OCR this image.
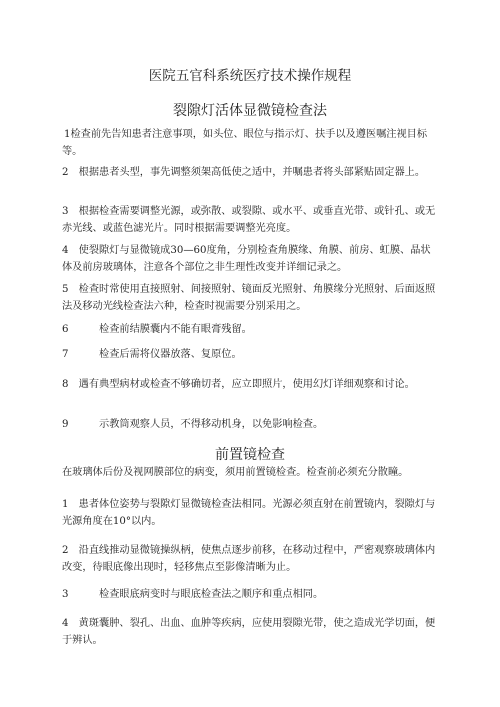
医院五官科系统医疗技术操作规程
裂隙灯活体显微镜检查法

1检查前先告知患者注意事项，如头位、眼位与指示灯、扶手以及遵医嘱注视目标等。

2　根据患者头型，事先调整须架高低使之适中，并嘱患者将头部紧贴固定器上。

3　根据检查需要调整光源，或弥散、或裂隙、或水平、或垂直光带、或针孔、或无赤光线、或蓝色滤光片。同时根据需要调整光亮度。

4　使裂隙灯与显微镜成30—60度角，分别检查角膜缘、角膜、前房、虹膜、晶状体及前房玻璃体，注意各个部位之非生理性改变并详细记录之。

5　检查时常使用直接照射、间接照射、镜面反光照射、角膜缘分光照射、后面返照法及移动光线检查法六种，检查时视需要分别采用之。

6　　　检查前结膜囊内不能有眼膏残留。

7　　　检查后需将仪器放落、复原位。

8　遇有典型病材或检查不够确切者，应立即照片，使用幻灯详细观察和讨论。

9　　　示教筒观察人员，不得移动机身，以免影响检查。

前置镜检查

在玻璃体后份及视网膜部位的病变，须用前置镜检查。检查前必须充分散瞳。

1　患者体位姿势与裂隙灯显微镜检查法相同。光源必须直射在前置镜内，裂隙灯与光源角度在10°以内。

2　沿直线推动显微镜操纵柄，使焦点逐步前移，在移动过程中，严密观察玻璃体内改变，待眼底像出现时，轻移焦点至影像清晰为止。

3　　　检查眼底病变时与眼底检查法之顺序和重点相同。

4　黄斑囊肿、裂孔、出血、血肿等疾病，应使用裂隙光带，使之造成光学切面，便于辨认。
